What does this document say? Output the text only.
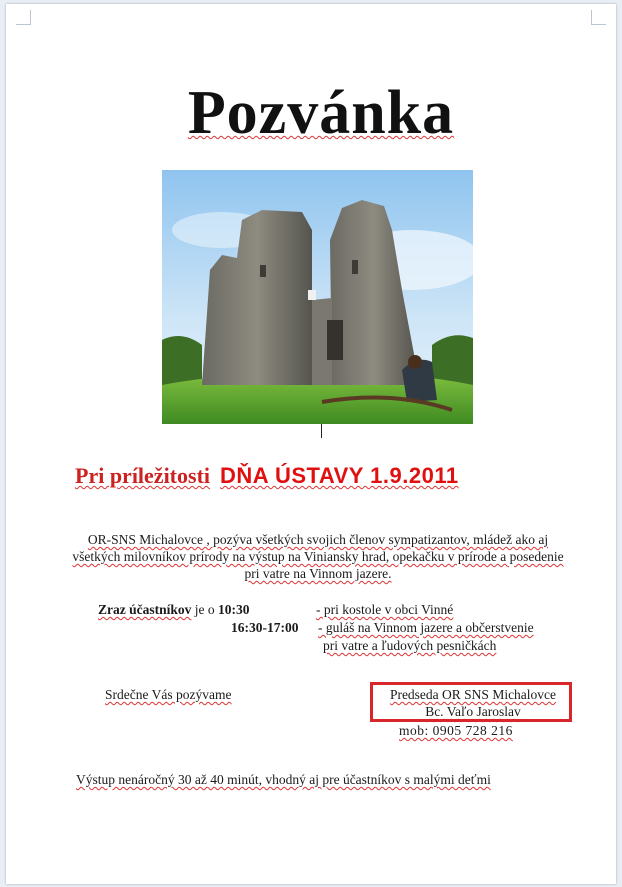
Pozvánka
Pri príležitosti DŇA ÚSTAVY 1.9.2011
OR-SNS Michalovce , pozýva všetkých svojich členov sympatizantov, mládež ako aj všetkých milovníkov prírody na výstup na Viniansky hrad, opekačku v prírode a posedenie pri vatre na Vinnom jazere.
Zraz účastníkov je o 10:30	- pri kostole v obci Vinné
16:30-17:00 - guláš na Vinnom jazere a občerstvenie
pri vatre a ľudových pesničkách
Srdečne Vás pozývame	Predseda OR SNS Michalovce
Bc. Vaľo Jaroslav
mob: 0905 728 216
Výstup nenáročný 30 až 40 minút, vhodný aj pre účastníkov s malými deťmi
